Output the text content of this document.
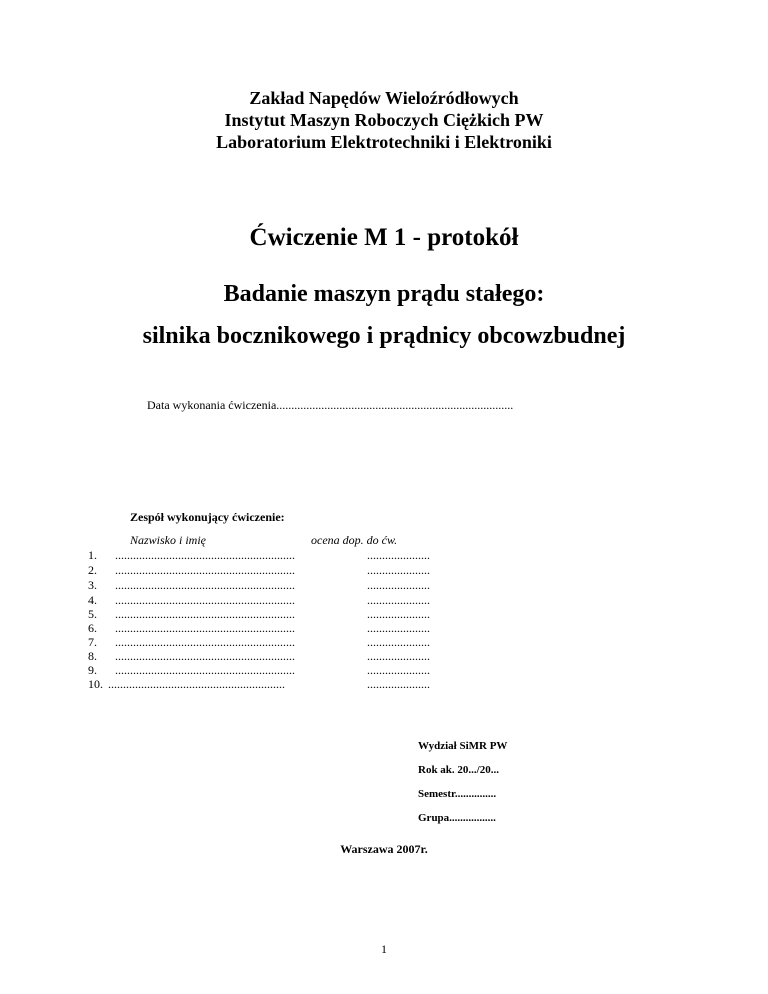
Zakład Napędów Wieloźródłowych
Instytut Maszyn Roboczych Ciężkich PW
Laboratorium Elektrotechniki i Elektroniki
Ćwiczenie M 1 - protokół
Badanie maszyn prądu stałego:
silnika bocznikowego i prądnicy obcowzbudnej
Data wykonania ćwiczenia...............................................................................
Zespół wykonujący ćwiczenie:
Nazwisko i imię	ocena dop. do ćw.
1. ............................................................	.....................
2. ............................................................	.....................
3. ............................................................	.....................
4. ............................................................	.....................
5. ............................................................	.....................
6. ............................................................	.....................
7. ............................................................	.....................
8. ............................................................	.....................
9. ............................................................	.....................
10. ...........................................................	.....................
Wydział SiMR PW
Rok ak. 20.../20...
Semestr...............
Grupa.................
Warszawa 2007r.
1
